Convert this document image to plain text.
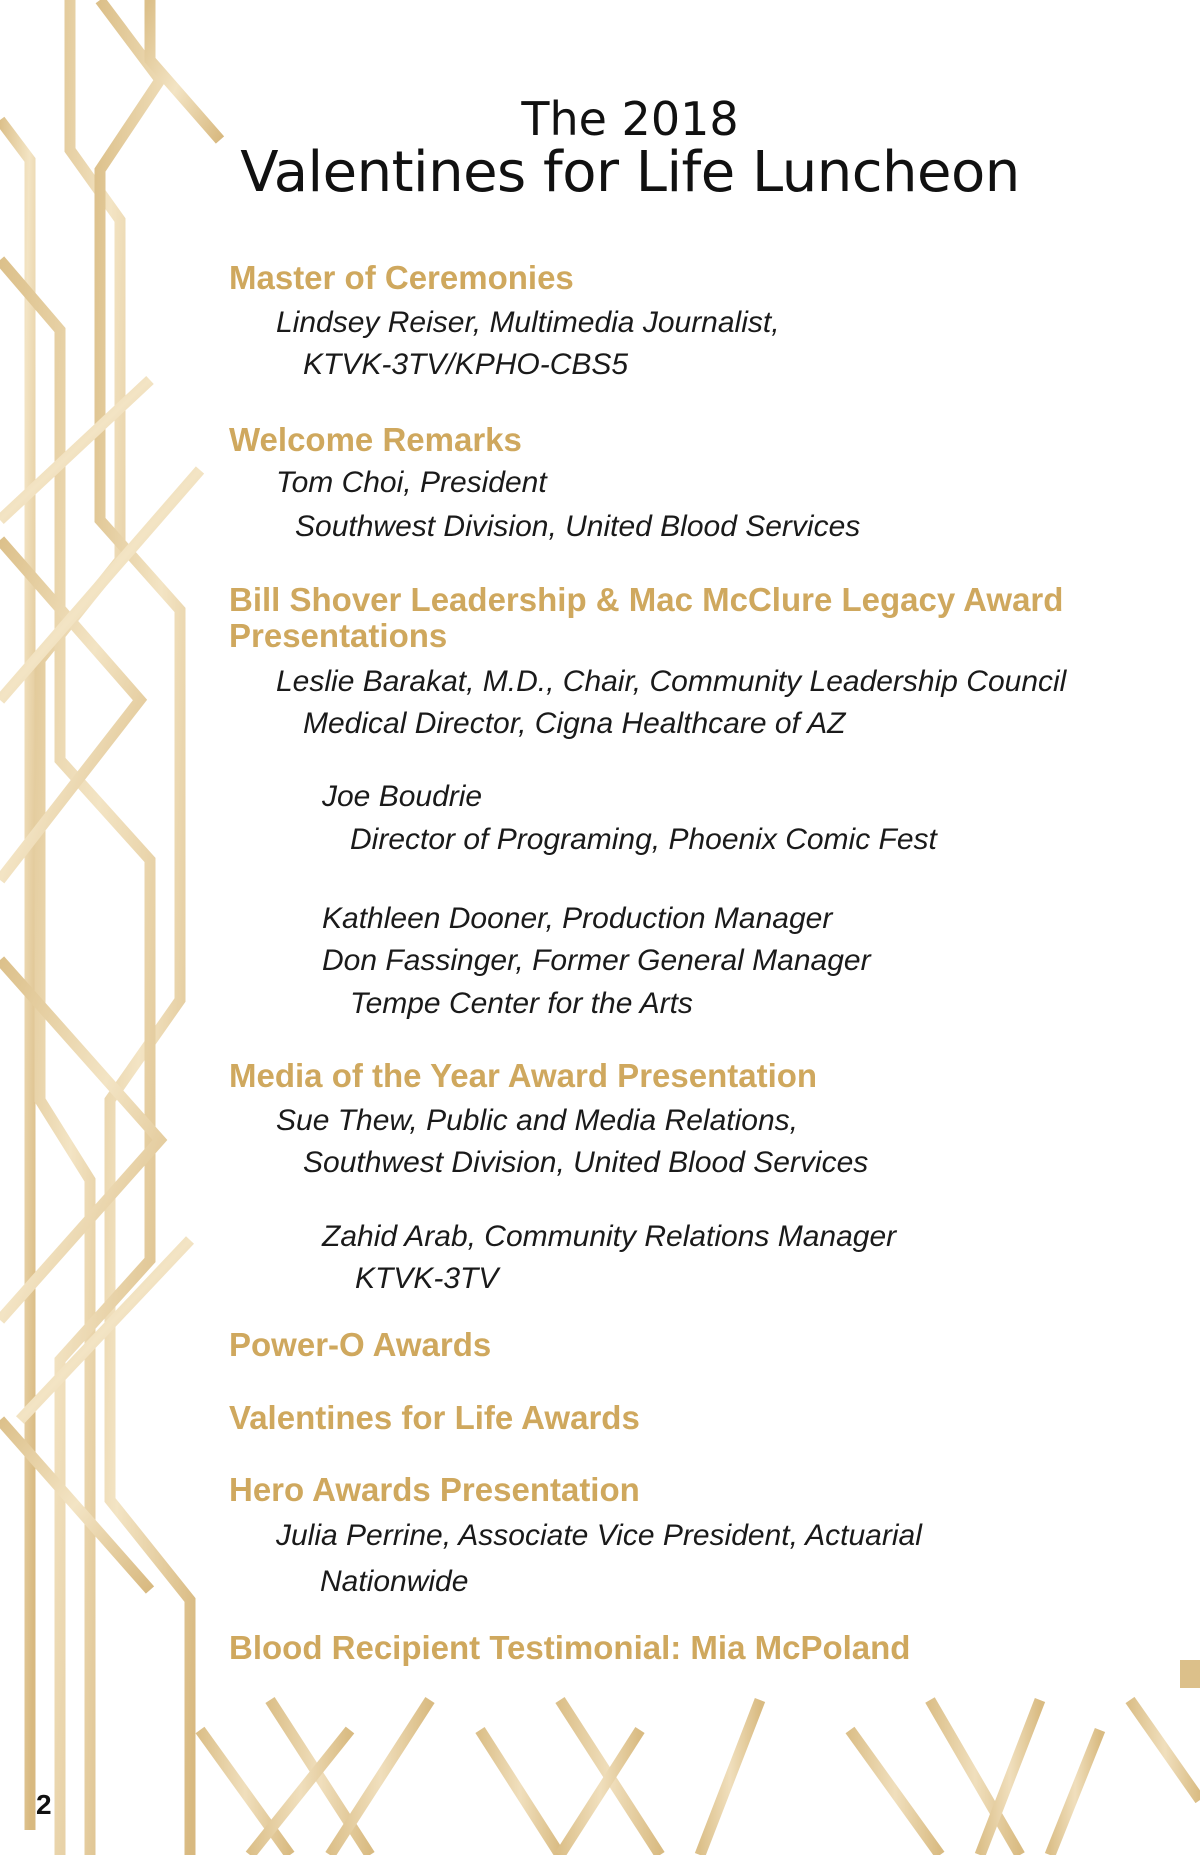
The 2018
Valentines for Life Luncheon

Master of Ceremonies

Lindsey Reiser, Multimedia Journalist,

KTVK-3TV/KPHO-CBS5

Welcome Remarks

Tom Choi, President

Southwest Division, United Blood Services

Bill Shover Leadership & Mac McClure Legacy Award

Presentations

Leslie Barakat, M.D., Chair, Community Leadership Council

Medical Director, Cigna Healthcare of AZ

Joe Boudrie

Director of Programing, Phoenix Comic Fest

Kathleen Dooner, Production Manager

Don Fassinger, Former General Manager

Tempe Center for the Arts

Media of the Year Award Presentation

Sue Thew, Public and Media Relations,

Southwest Division, United Blood Services

Zahid Arab, Community Relations Manager

KTVK-3TV

Power-O Awards

Valentines for Life Awards

Hero Awards Presentation

Julia Perrine, Associate Vice President, Actuarial

Nationwide

Blood Recipient Testimonial: Mia McPoland

2
